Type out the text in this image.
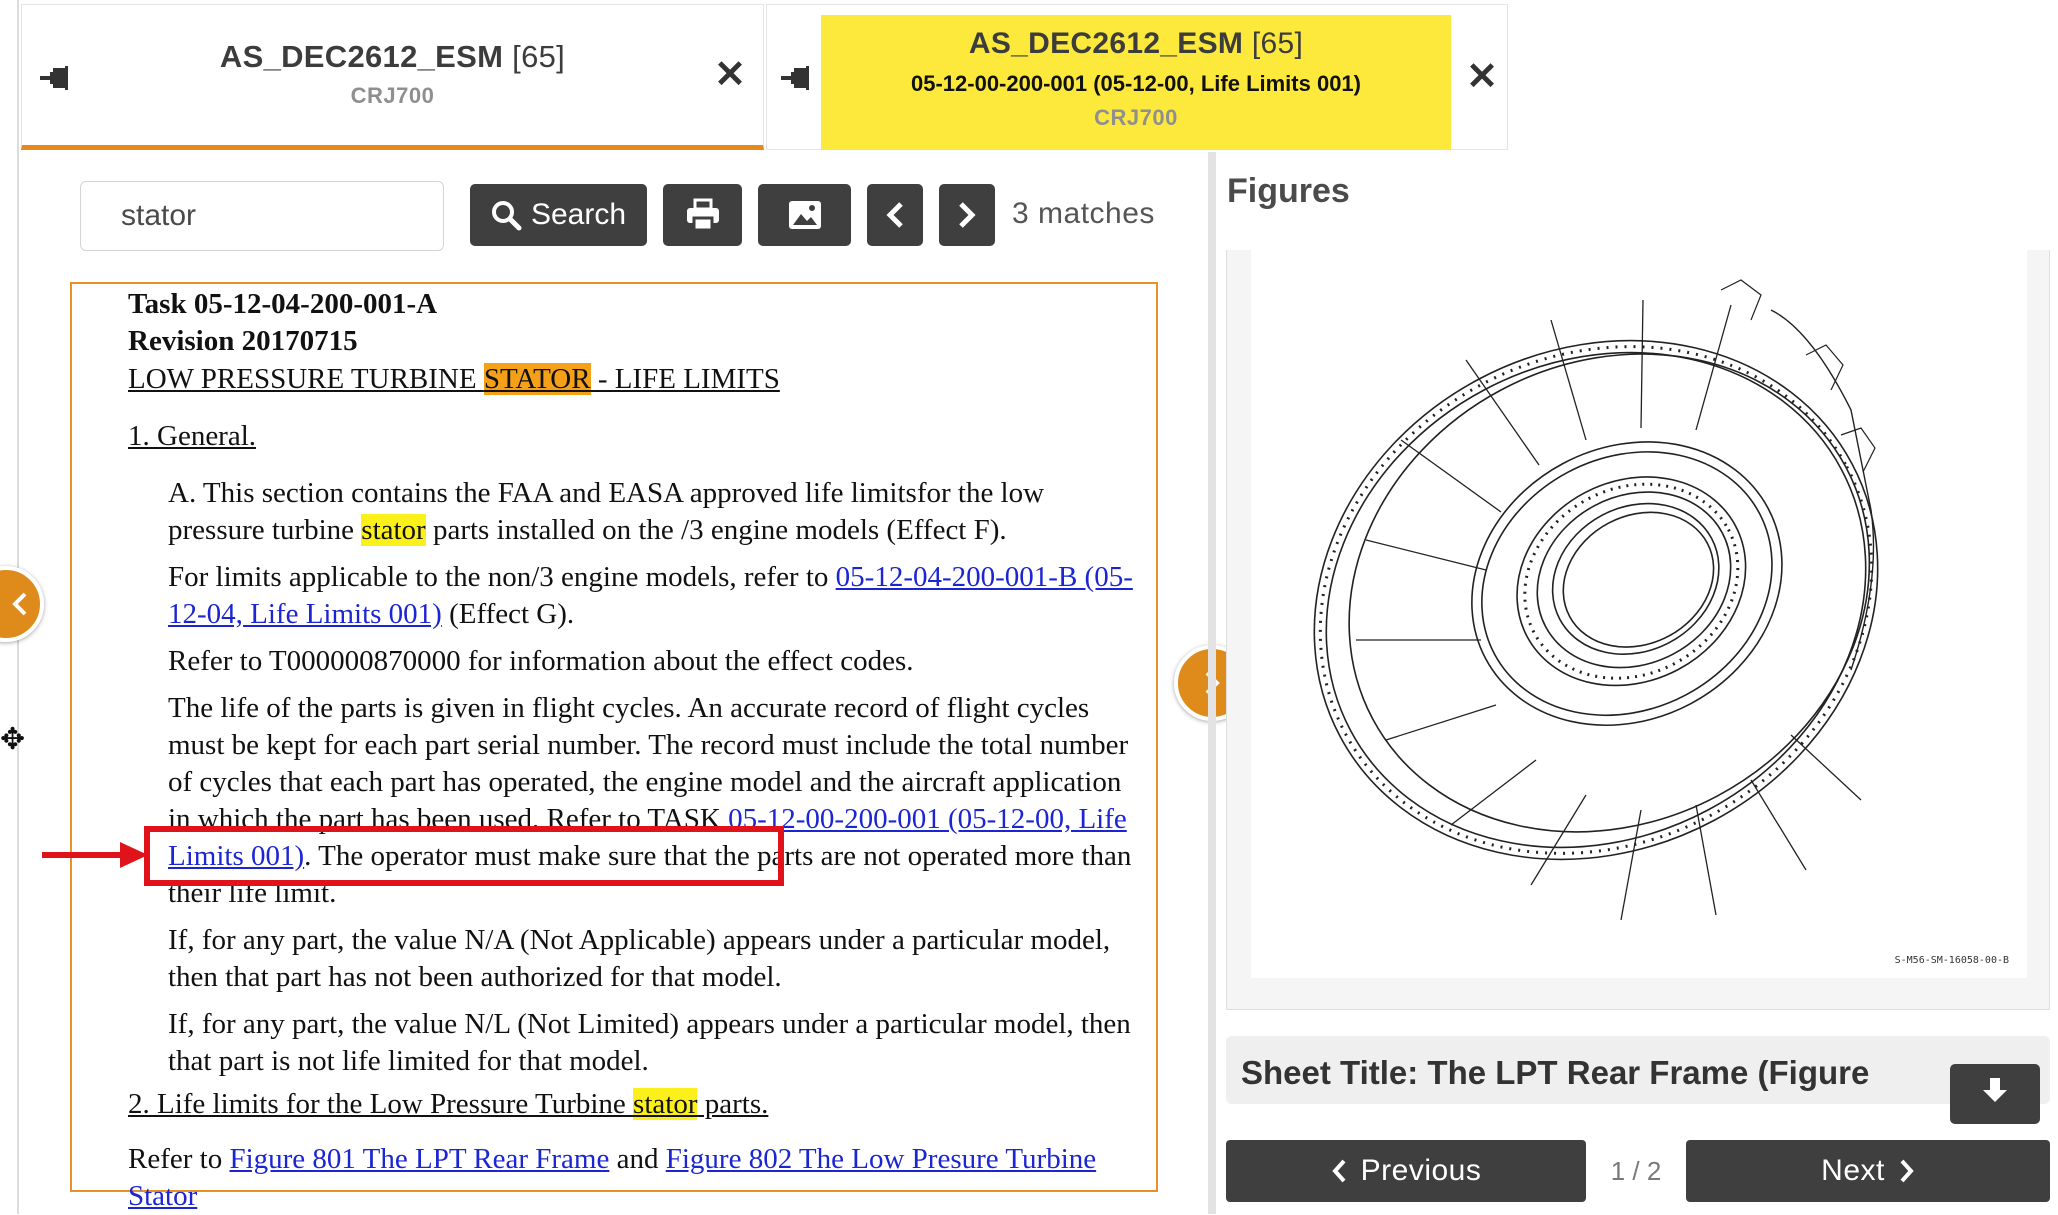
AS_DEC2612_ESM [65]
CRJ700	✕
AS_DEC2612_ESM [65]
05-12-00-200-001 (05-12-00, Life Limits 001)
CRJ700
✕
stator
Search	3 matches
Task 05-12-04-200-001-A
Revision 20170715
LOW PRESSURE TURBINE STATOR - LIFE LIMITS
1. General.
A. This section contains the FAA and EASA approved life limitsfor the low pressure turbine stator parts installed on the /3 engine models (Effect F).
For limits applicable to the non/3 engine models, refer to 05-12-04-200-001-B (05-12-04, Life Limits 001) (Effect G).
Refer to T000000870000 for information about the effect codes.
The life of the parts is given in flight cycles. An accurate record of flight cycles must be kept for each part serial number. The record must include the total number of cycles that each part has operated, the engine model and the aircraft application in which the part has been used. Refer to TASK 05-12-00-200-001 (05-12-00, Life Limits 001). The operator must make sure that the parts are not operated more than their life limit.
If, for any part, the value N/A (Not Applicable) appears under a particular model, then that part has not been authorized for that model.
If, for any part, the value N/L (Not Limited) appears under a particular model, then that part is not life limited for that model.
2. Life limits for the Low Pressure Turbine stator parts.
Refer to Figure 801 The LPT Rear Frame and Figure 802 The Low Presure Turbine Stator
✥
Figures
S-M56-SM-16058-00-B
Sheet Title: The LPT Rear Frame (Figure
Previous	1 / 2	Next
